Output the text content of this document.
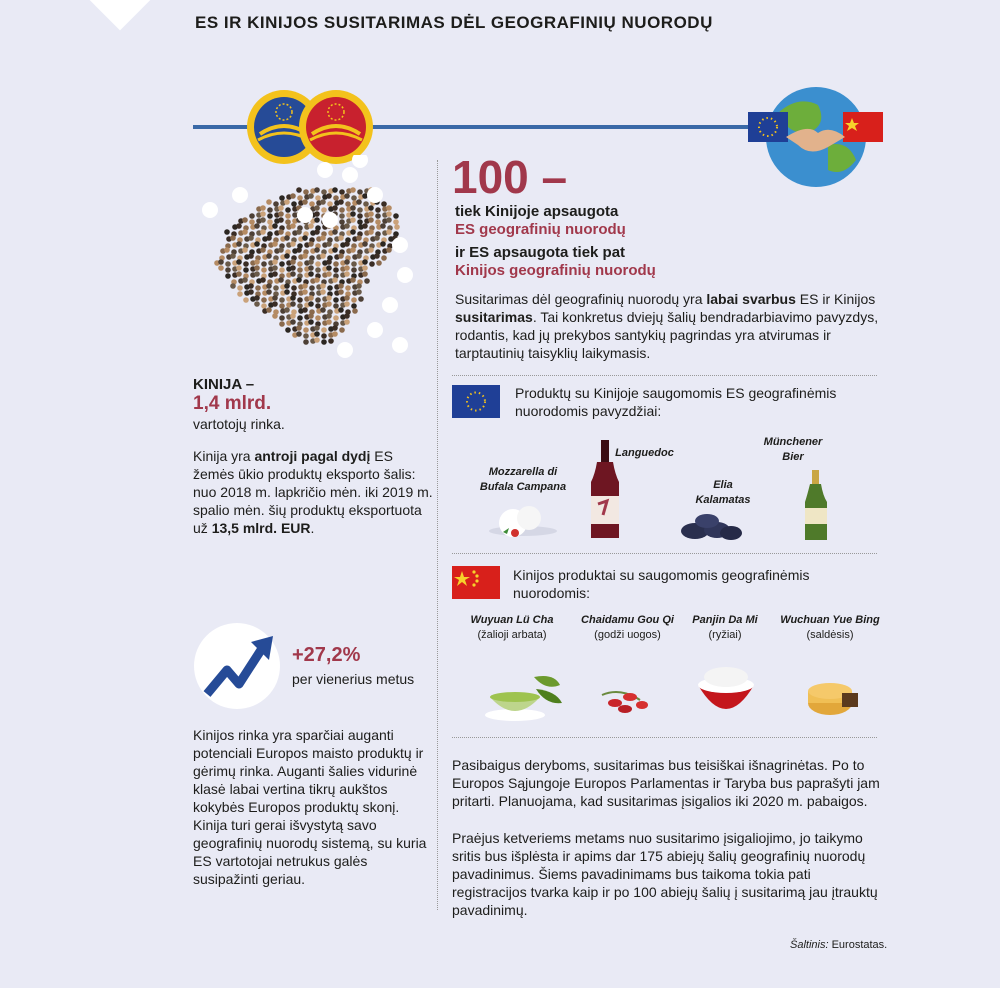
ES IR KINIJOS SUSITARIMAS DĖL GEOGRAFINIŲ NUORODŲ
100 –
tiek Kinijoje apsaugota
ES geografinių nuorodų
ir ES apsaugota tiek pat
Kinijos geografinių nuorodų
Susitarimas dėl geografinių nuorodų yra labai svarbus ES ir Kinijos susitarimas. Tai konkretus dviejų šalių bendradarbiavimo pavyzdys, rodantis, kad jų prekybos santykių pagrindas yra atvirumas ir tarptautinių taisyklių laikymasis.
KINIJA –
1,4 mlrd.
vartotojų rinka.
Kinija yra antroji pagal dydį ES žemės ūkio produktų eksporto šalis: nuo 2018 m. lapkričio mėn. iki 2019 m. spalio mėn. šių produktų eksportuota už 13,5 mlrd. EUR.
+27,2%
per vienerius metus
Kinijos rinka yra sparčiai auganti potenciali Europos maisto produktų ir gėrimų rinka. Auganti šalies vidurinė klasė labai vertina tikrų aukštos kokybės Europos produktų skonį. Kinija turi gerai išvystytą savo geografinių nuorodų sistemą, su kuria ES vartotojai netrukus galės susipažinti geriau.
Produktų su Kinijoje saugomomis ES geografinėmis nuorodomis pavyzdžiai:
Mozzarella di Bufala Campana
Languedoc
Elia Kalamatas
Münchener Bier
Kinijos produktai su saugomomis geografinėmis nuorodomis:
Wuyuan Lü Cha
(žalioji arbata)
Chaidamu Gou Qi
(godži uogos)
Panjin Da Mi
(ryžiai)
Wuchuan Yue Bing
(saldėsis)
Pasibaigus deryboms, susitarimas bus teisiškai išnagrinėtas. Po to Europos Sąjungoje Europos Parlamentas ir Taryba bus paprašyti jam pritarti. Planuojama, kad susitarimas įsigalios iki 2020 m. pabaigos.
Praėjus ketveriems metams nuo susitarimo įsigaliojimo, jo taikymo sritis bus išplėsta ir apims dar 175 abiejų šalių geografinių nuorodų pavadinimus. Šiems pavadinimams bus taikoma tokia pati registracijos tvarka kaip ir po 100 abiejų šalių į susitarimą jau įtrauktų pavadinimų.
Šaltinis: Eurostatas.
